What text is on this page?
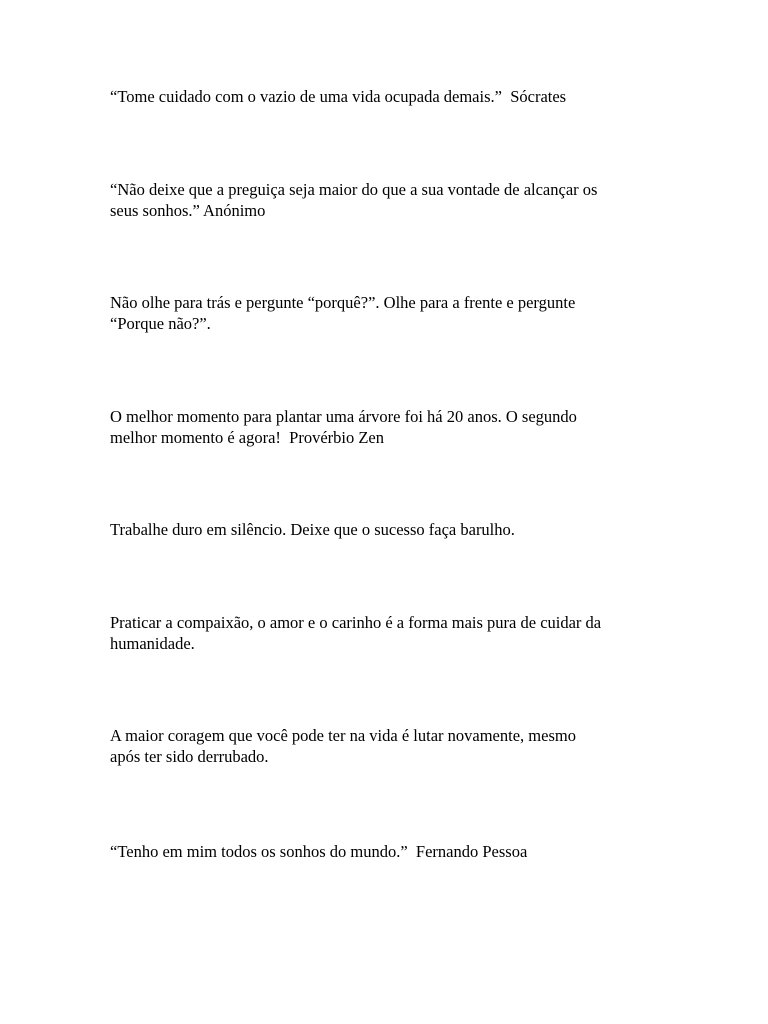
“Tome cuidado com o vazio de uma vida ocupada demais.”  Sócrates

“Não deixe que a preguiça seja maior do que a sua vontade de alcançar os
seus sonhos.” Anónimo

Não olhe para trás e pergunte “porquê?”. Olhe para a frente e pergunte
“Porque não?”.

O melhor momento para plantar uma árvore foi há 20 anos. O segundo
melhor momento é agora!  Provérbio Zen

Trabalhe duro em silêncio. Deixe que o sucesso faça barulho.

Praticar a compaixão, o amor e o carinho é a forma mais pura de cuidar da
humanidade.

A maior coragem que você pode ter na vida é lutar novamente, mesmo
após ter sido derrubado.

“Tenho em mim todos os sonhos do mundo.”  Fernando Pessoa
